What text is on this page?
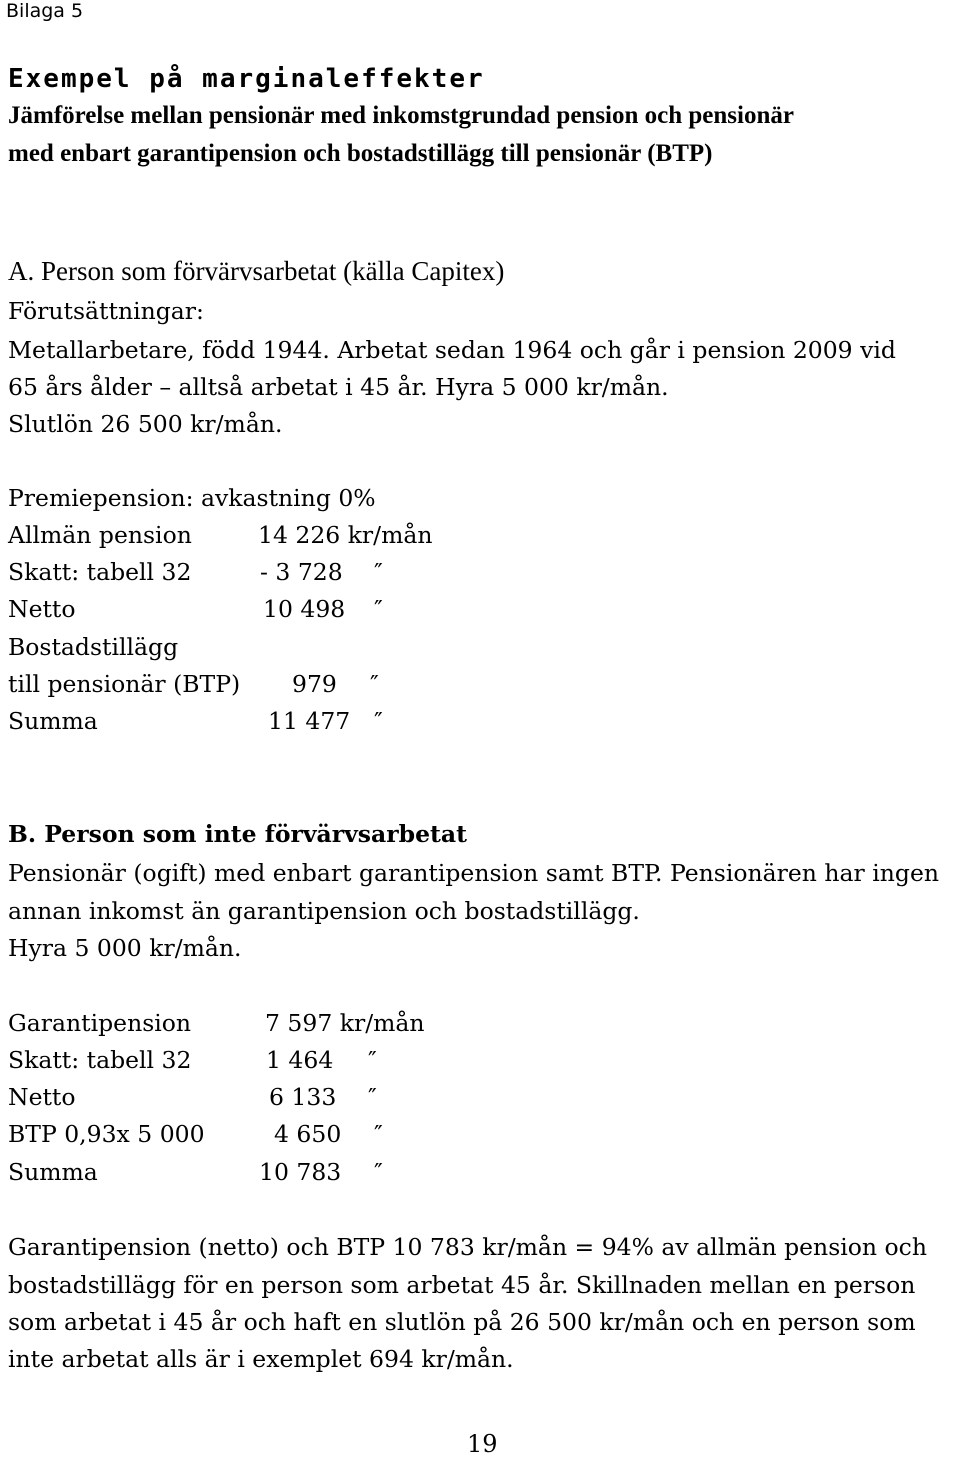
Bilaga 5
Exempel på marginaleffekter
Jämförelse mellan pensionär med inkomstgrundad pension och pensionär
med enbart garantipension och bostadstillägg till pensionär (BTP)
A. Person som förvärvsarbetat (källa Capitex)
Förutsättningar:
Metallarbetare, född 1944. Arbetat sedan 1964 och går i pension 2009 vid
65 års ålder – alltså arbetat i 45 år. Hyra 5 000 kr/mån.
Slutlön 26 500 kr/mån.
Premiepension: avkastning 0%
Allmän pension	14 226 kr/mån
Skatt: tabell 32	- 3 728 ″
Netto	10 498 ″
Bostadstillägg
till pensionär (BTP) 979 ″
Summa	11 477 ″
B. Person som inte förvärvsarbetat
Pensionär (ogift) med enbart garantipension samt BTP. Pensionären har ingen
annan inkomst än garantipension och bostadstillägg.
Hyra 5 000 kr/mån.
Garantipension	7 597 kr/mån
Skatt: tabell 32	1 464 ″
Netto	6 133 ″
BTP 0,93x 5 000	4 650 ″
Summa	10 783 ″
Garantipension (netto) och BTP 10 783 kr/mån = 94% av allmän pension och
bostadstillägg för en person som arbetat 45 år. Skillnaden mellan en person
som arbetat i 45 år och haft en slutlön på 26 500 kr/mån och en person som
inte arbetat alls är i exemplet 694 kr/mån.
19
